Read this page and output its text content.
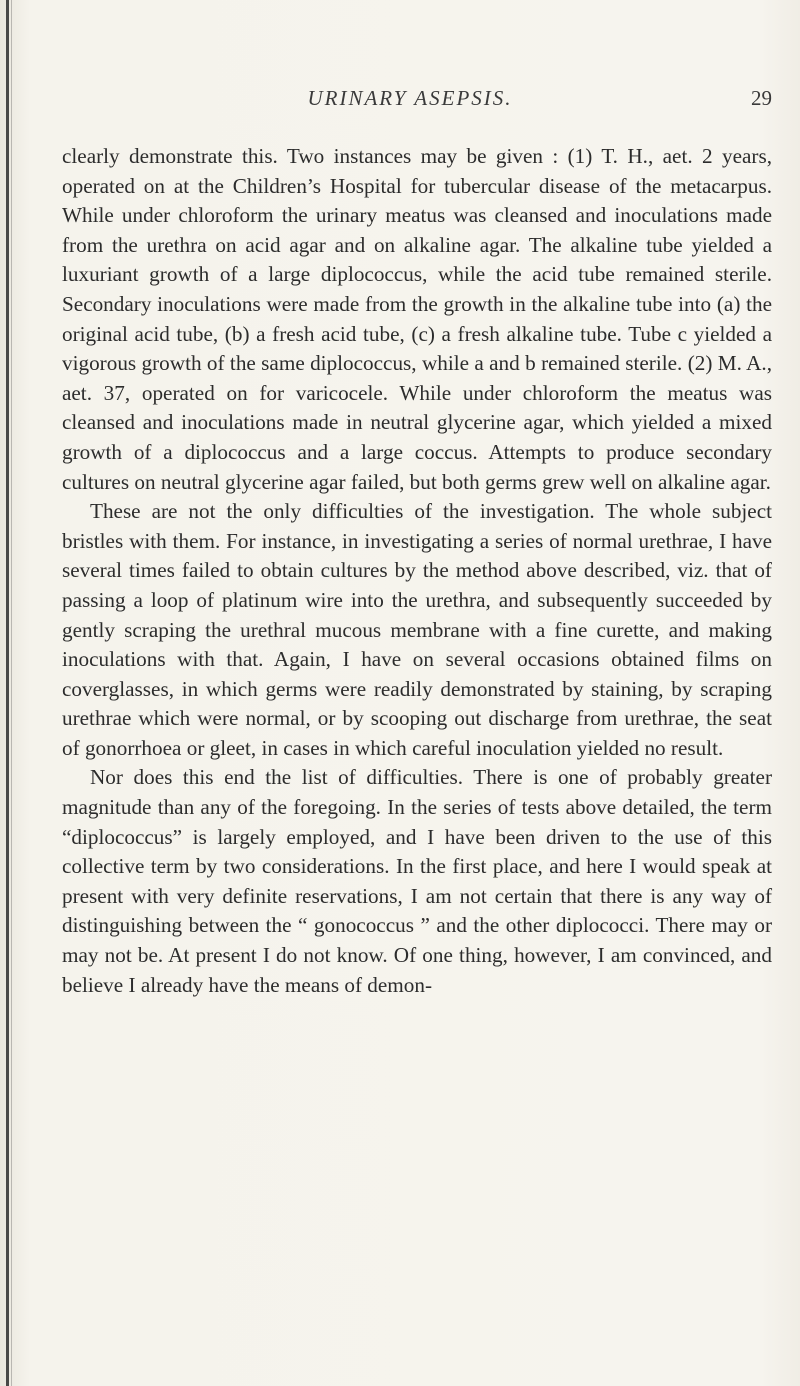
URINARY ASEPSIS.	29

clearly demonstrate this. Two instances may be given : (1) T. H., aet. 2 years, operated on at the Children’s Hospital for tubercular disease of the metacarpus. While under chloroform the urinary meatus was cleansed and inoculations made from the urethra on acid agar and on alkaline agar. The alkaline tube yielded a luxuriant growth of a large diplococcus, while the acid tube remained sterile. Secondary inoculations were made from the growth in the alkaline tube into (a) the original acid tube, (b) a fresh acid tube, (c) a fresh alkaline tube. Tube c yielded a vigorous growth of the same diplococcus, while a and b remained sterile. (2) M. A., aet. 37, operated on for varicocele. While under chloroform the meatus was cleansed and inoculations made in neutral glycerine agar, which yielded a mixed growth of a diplococcus and a large coccus. Attempts to produce secondary cultures on neutral glycerine agar failed, but both germs grew well on alkaline agar.

These are not the only difficulties of the investigation. The whole subject bristles with them. For instance, in investigating a series of normal urethrae, I have several times failed to obtain cultures by the method above described, viz. that of passing a loop of platinum wire into the urethra, and subsequently succeeded by gently scraping the urethral mucous membrane with a fine curette, and making inoculations with that. Again, I have on several occasions obtained films on coverglasses, in which germs were readily demonstrated by staining, by scraping urethrae which were normal, or by scooping out discharge from urethrae, the seat of gonorrhoea or gleet, in cases in which careful inoculation yielded no result.

Nor does this end the list of difficulties. There is one of probably greater magnitude than any of the foregoing. In the series of tests above detailed, the term “diplococcus” is largely employed, and I have been driven to the use of this collective term by two considerations. In the first place, and here I would speak at present with very definite reservations, I am not certain that there is any way of distinguishing between the “ gonococcus ” and the other diplococci. There may or may not be. At present I do not know. Of one thing, however, I am convinced, and believe I already have the means of demon-
